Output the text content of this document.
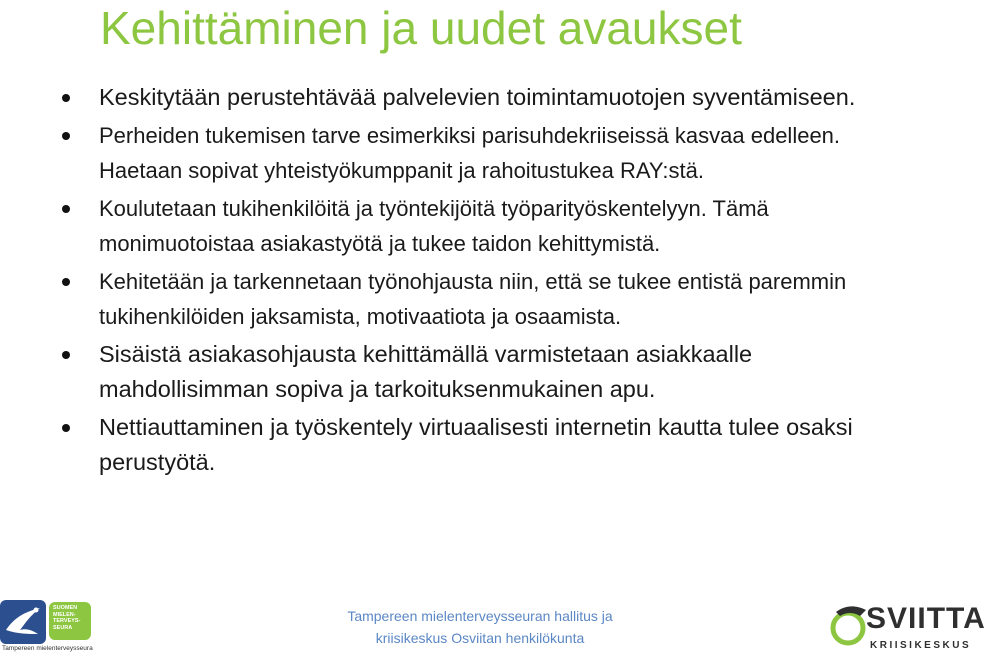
Kehittäminen ja uudet avaukset
Keskitytään perustehtävää palvelevien toimintamuotojen syventämiseen.
Perheiden tukemisen tarve esimerkiksi parisuhdekriiseissä kasvaa edelleen. Haetaan sopivat yhteistyökumppanit ja rahoitustukea RAY:stä.
Koulutetaan tukihenkilöitä ja työntekijöitä työparityöskentelyyn. Tämä monimuotoistaa asiakastyötä ja tukee taidon kehittymistä.
Kehitetään ja tarkennetaan työnohjausta niin, että se tukee entistä paremmin tukihenkilöiden jaksamista, motivaatiota ja osaamista.
Sisäistä asiakasohjausta kehittämällä varmistetaan asiakkaalle mahdollisimman sopiva ja tarkoituksenmukainen apu.
Nettiauttaminen ja työskentely virtuaalisesti internetin kautta tulee osaksi perustyötä.
SUOMEN
MIELEN-
TERVEYS-
SEURA
Tampereen mielenterveysseura
Tampereen mielenterveysseuran hallitus ja
kriisikeskus Osviitan henkilökunta
SVIITTA
KRIISIKESKUS
